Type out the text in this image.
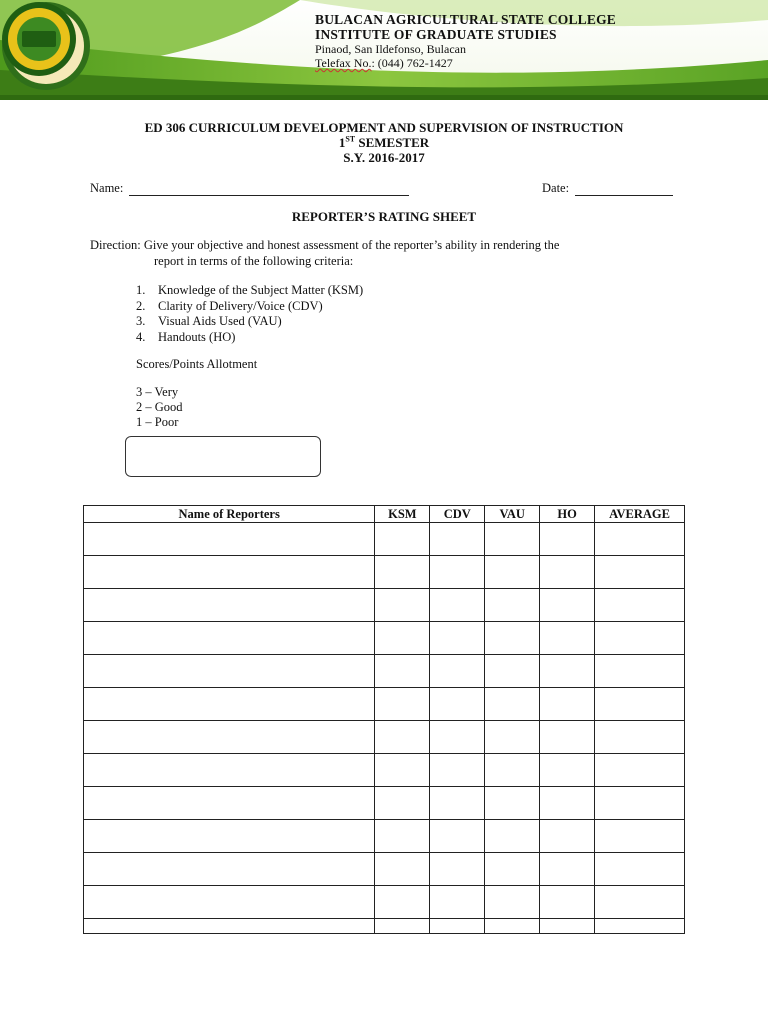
BULACAN AGRICULTURAL STATE COLLEGE
INSTITUTE OF GRADUATE STUDIES
Pinaod, San Ildefonso, Bulacan
Telefax No.: (044) 762-1427
ED 306 CURRICULUM DEVELOPMENT AND SUPERVISION OF INSTRUCTION
1ST SEMESTER
S.Y. 2016-2017
Name:	Date:
REPORTER’S RATING SHEET
Direction: Give your objective and honest assessment of the reporter’s ability in rendering the
report in terms of the following criteria:
1. Knowledge of the Subject Matter (KSM)
2. Clarity of Delivery/Voice (CDV)
3. Visual Aids Used (VAU)
4. Handouts (HO)
Scores/Points Allotment
3 – Very
2 – Good
1 – Poor
Name of Reporters	KSM	CDV	VAU	HO	AVERAGE
